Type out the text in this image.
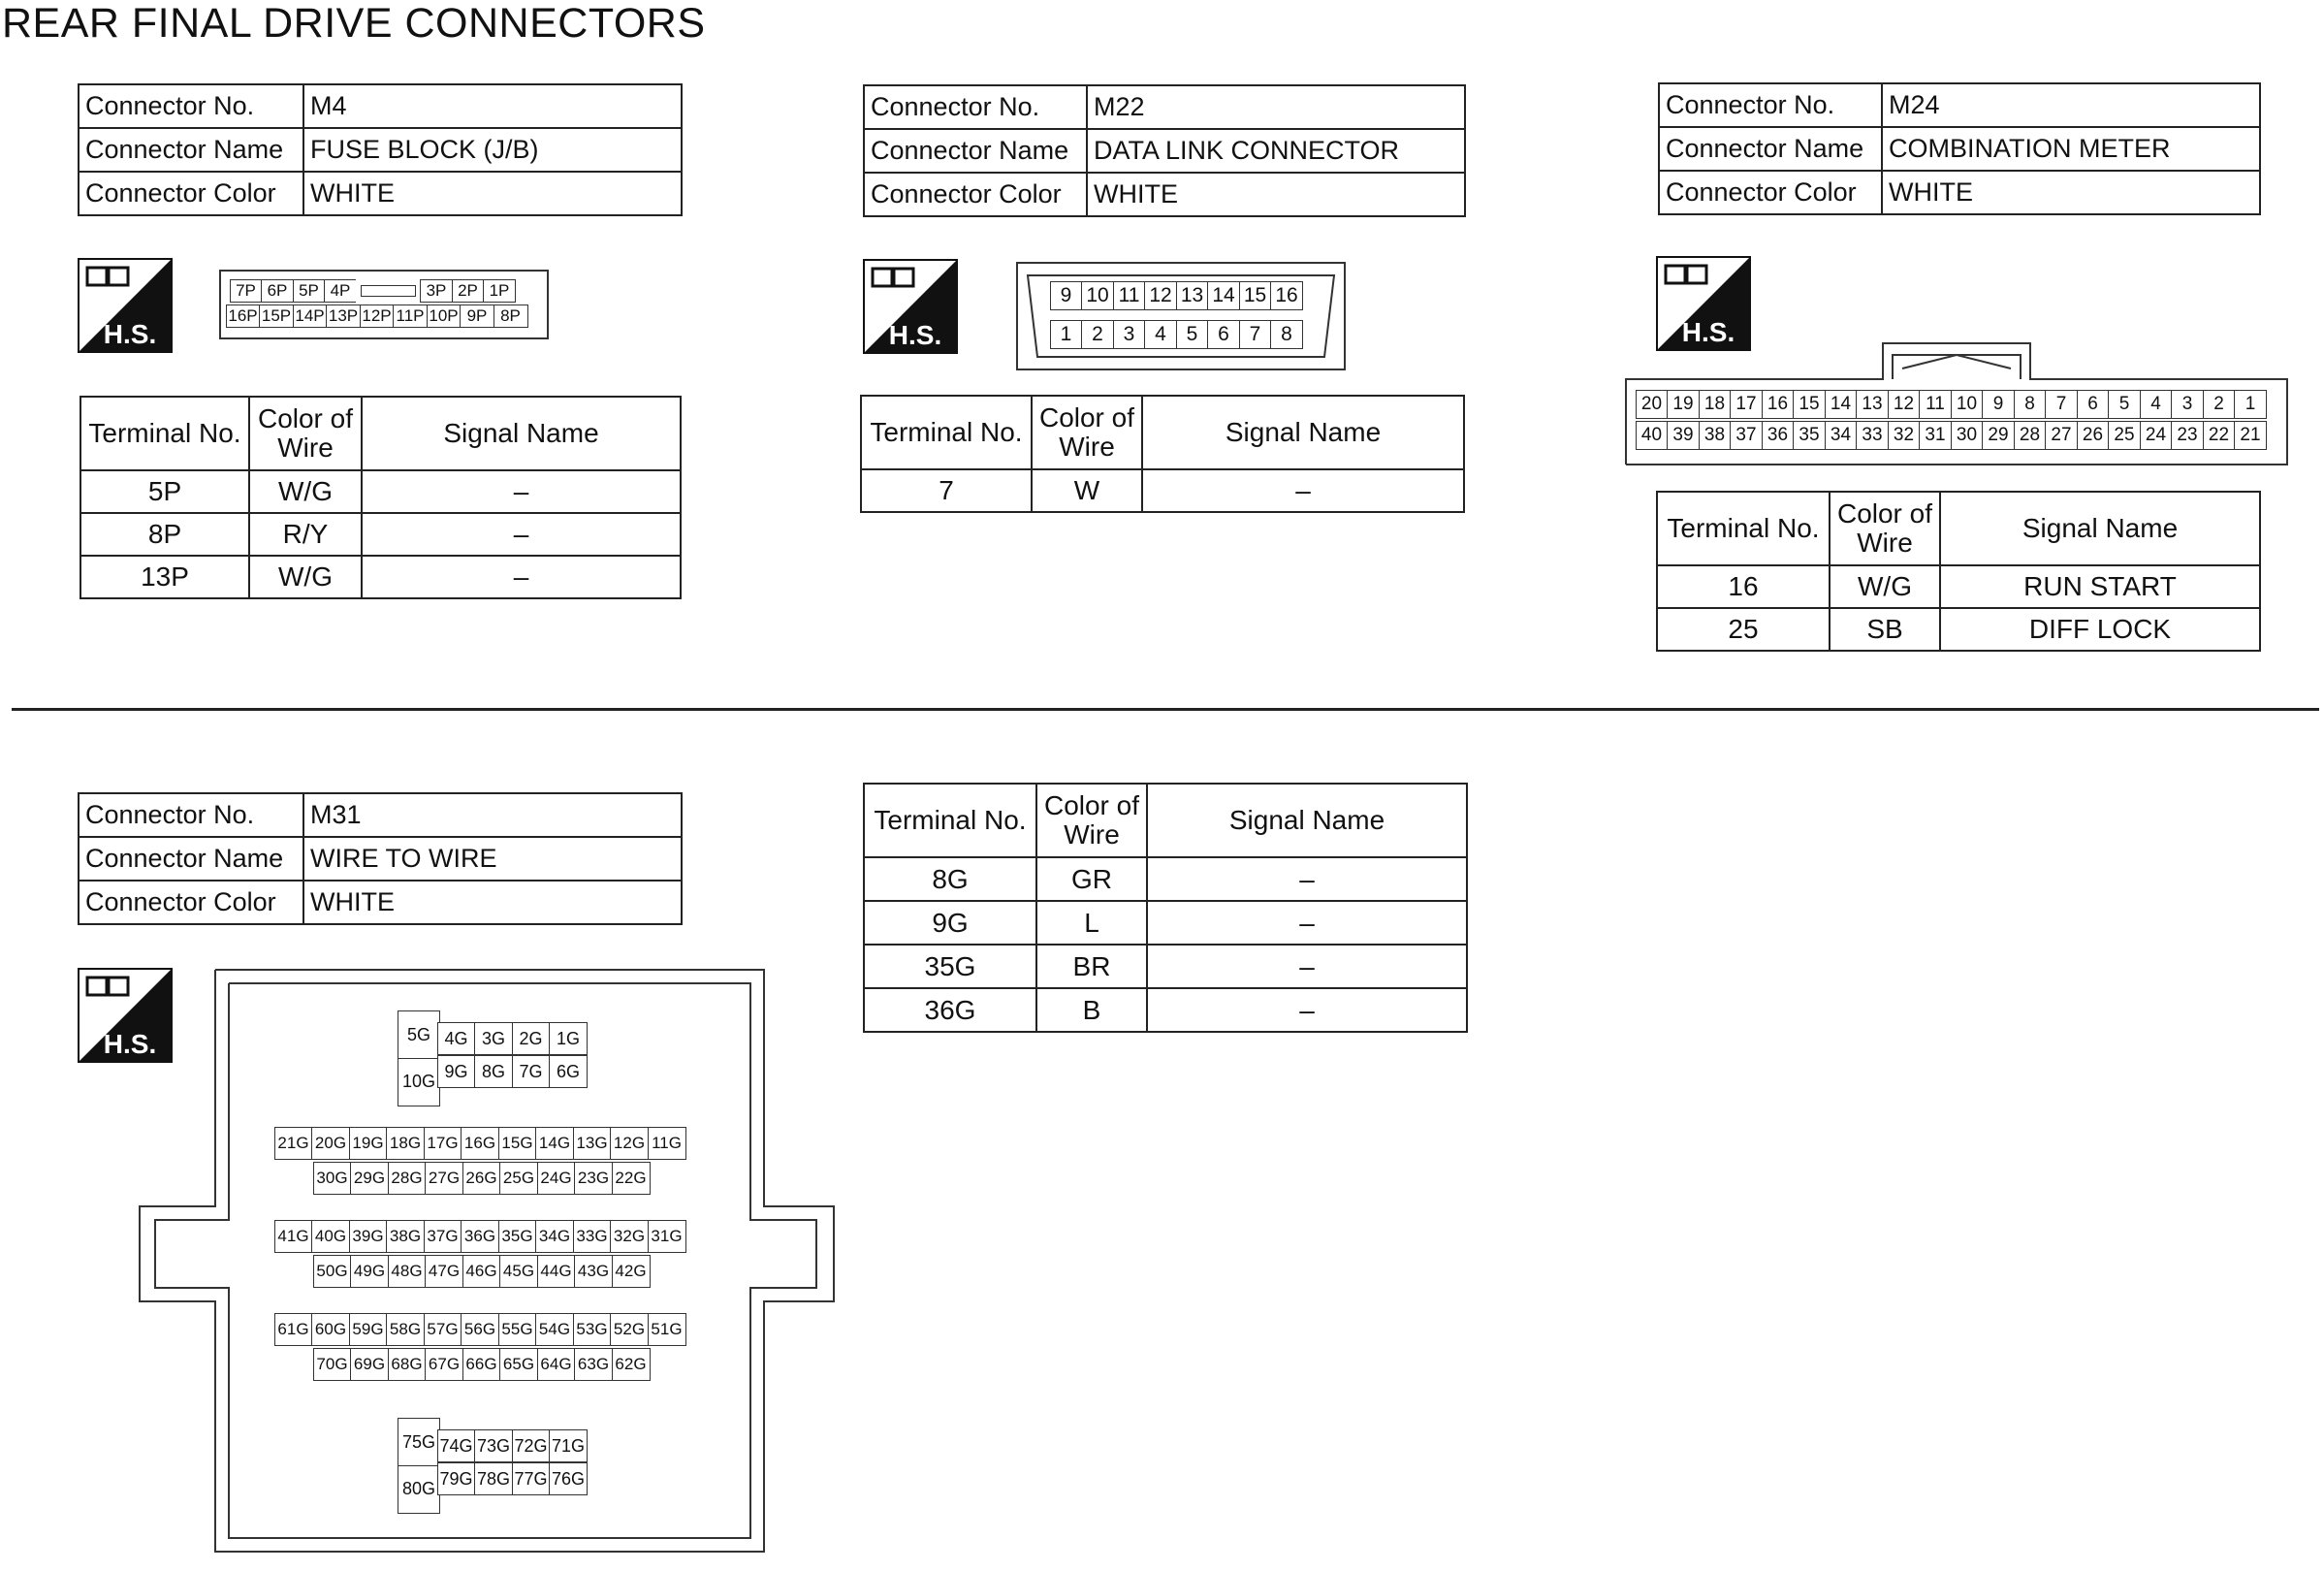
REAR FINAL DRIVE CONNECTORS
Connector No.	M4
Connector Name	FUSE BLOCK (J/B)
Connector Color	WHITE
H.S.
7P 6P 5P 4P	3P 2P 1P
16P 15P 14P 13P 12P 11P 10P 9P 8P
Terminal No.	Color of
Wire	Signal Name
5P	W/G	–
8P	R/Y	–
13P	W/G	–
Connector No.	M22
Connector Name	DATA LINK CONNECTOR
Connector Color	WHITE
H.S.
9 10 11 12 13 14 15 16
1 2 3 4 5 6 7 8
Terminal No.	Color of
Wire	Signal Name
7	W	–
Connector No.	M24
Connector Name	COMBINATION METER
Connector Color	WHITE
H.S.
20 19 18 17 16 15 14 13 12 11 10 9	8	7	6	5	4	3	2	1
40 39 38 37 36 35 34 33 32 31 30 29 28 27 26 25 24 23 22 21
Terminal No.	Color of
Wire	Signal Name
16	W/G	RUN START
25	SB	DIFF LOCK
Connector No.	M31
Connector Name	WIRE TO WIRE
Connector Color	WHITE
H.S.	5G
10G
4G 3G 2G 1G
9G 8G 7G 6G
21G 20G 19G 18G 17G 16G 15G 14G 13G 12G 11G
30G 29G 28G 27G 26G 25G 24G 23G 22G
41G 40G 39G 38G 37G 36G 35G 34G 33G 32G 31G
50G 49G 48G 47G 46G 45G 44G 43G 42G
61G 60G 59G 58G 57G 56G 55G 54G 53G 52G 51G
70G 69G 68G 67G 66G 65G 64G 63G 62G
75G
80G
74G 73G 72G 71G
79G 78G 77G 76G
Terminal No.	Color of
Wire	Signal Name
8G	GR	–
9G	L	–
35G	BR	–
36G	B	–
